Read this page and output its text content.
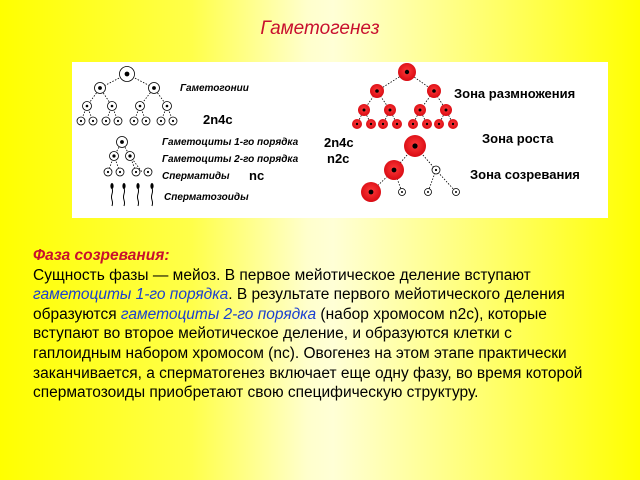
Гаметогенез
Гаметогонии
2n4c
Гаметоциты 1-го порядка 2n4c
Гаметоциты 2-го порядка n2c
Сперматиды nc
Сперматозоиды
Зона размножения
Зона роста
Зона созревания
Фаза созревания:
Сущность фазы — мейоз. В первое мейотическое деление вступают гаметоциты 1-го порядка. В результате первого мейотического деления образуются гаметоциты 2-го порядка (набор хромосом n2c), которые вступают во второе мейотическое деление, и образуются клетки с гаплоидным набором хромосом (nc). Овогенез на этом этапе практически заканчивается, а сперматогенез включает еще одну фазу, во время которой сперматозоиды приобретают свою специфическую структуру.
